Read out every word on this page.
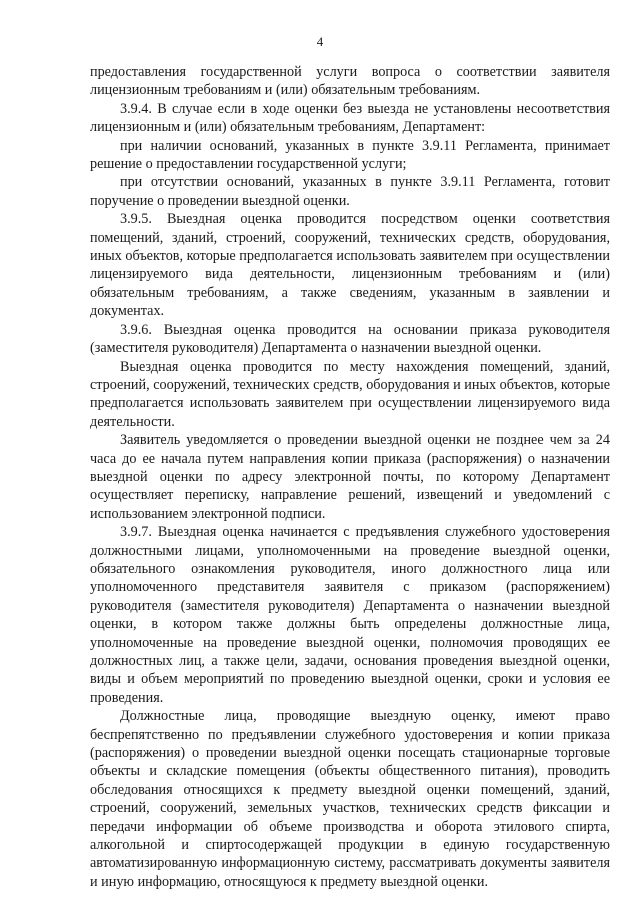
4

предоставления государственной услуги вопроса о соответствии заявителя лицензионным требованиям и (или) обязательным требованиям.

3.9.4. В случае если в ходе оценки без выезда не установлены несоответствия лицензионным и (или) обязательным требованиям, Департамент:

при наличии оснований, указанных в пункте 3.9.11 Регламента, принимает решение о предоставлении государственной услуги;

при отсутствии оснований, указанных в пункте 3.9.11 Регламента, готовит поручение о проведении выездной оценки.

3.9.5. Выездная оценка проводится посредством оценки соответствия помещений, зданий, строений, сооружений, технических средств, оборудования, иных объектов, которые предполагается использовать заявителем при осуществлении лицензируемого вида деятельности, лицензионным требованиям и (или) обязательным требованиям, а также сведениям, указанным в заявлении и документах.

3.9.6. Выездная оценка проводится на основании приказа руководителя (заместителя руководителя) Департамента о назначении выездной оценки.

Выездная оценка проводится по месту нахождения помещений, зданий, строений, сооружений, технических средств, оборудования и иных объектов, которые предполагается использовать заявителем при осуществлении лицензируемого вида деятельности.

Заявитель уведомляется о проведении выездной оценки не позднее чем за 24 часа до ее начала путем направления копии приказа (распоряжения) о назначении выездной оценки по адресу электронной почты, по которому Департамент осуществляет переписку, направление решений, извещений и уведомлений с использованием электронной подписи.

3.9.7. Выездная оценка начинается с предъявления служебного удостоверения должностными лицами, уполномоченными на проведение выездной оценки, обязательного ознакомления руководителя, иного должностного лица или уполномоченного представителя заявителя с приказом (распоряжением) руководителя (заместителя руководителя) Департамента о назначении выездной оценки, в котором также должны быть определены должностные лица, уполномоченные на проведение выездной оценки, полномочия проводящих ее должностных лиц, а также цели, задачи, основания проведения выездной оценки, виды и объем мероприятий по проведению выездной оценки, сроки и условия ее проведения.

Должностные лица, проводящие выездную оценку, имеют право беспрепятственно по предъявлении служебного удостоверения и копии приказа (распоряжения) о проведении выездной оценки посещать стационарные торговые объекты и складские помещения (объекты общественного питания), проводить обследования относящихся к предмету выездной оценки помещений, зданий, строений, сооружений, земельных участков, технических средств фиксации и передачи информации об объеме производства и оборота этилового спирта, алкогольной и спиртосодержащей продукции в единую государственную автоматизированную информационную систему, рассматривать документы заявителя и иную информацию, относящуюся к предмету выездной оценки.
